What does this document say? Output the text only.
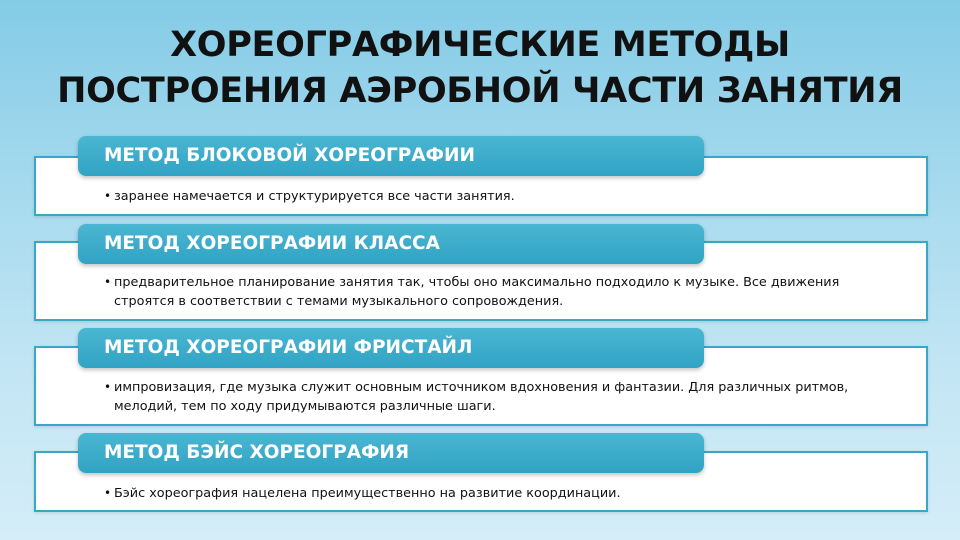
ХОРЕОГРАФИЧЕСКИЕ МЕТОДЫ
ПОСТРОЕНИЯ АЭРОБНОЙ ЧАСТИ ЗАНЯТИЯ
МЕТОД БЛОКОВОЙ ХОРЕОГРАФИИ
• заранее намечается и структурируется все части занятия.
МЕТОД ХОРЕОГРАФИИ КЛАССА
• предварительное планирование занятия так, чтобы оно максимально подходило к музыке. Все движения строятся в соответствии с темами музыкального сопровождения.
МЕТОД ХОРЕОГРАФИИ ФРИСТАЙЛ
• импровизация, где музыка служит основным источником вдохновения и фантазии. Для различных ритмов, мелодий, тем по ходу придумываются различные шаги.
МЕТОД БЭЙС ХОРЕОГРАФИЯ
• Бэйс хореография нацелена преимущественно на развитие координации.
